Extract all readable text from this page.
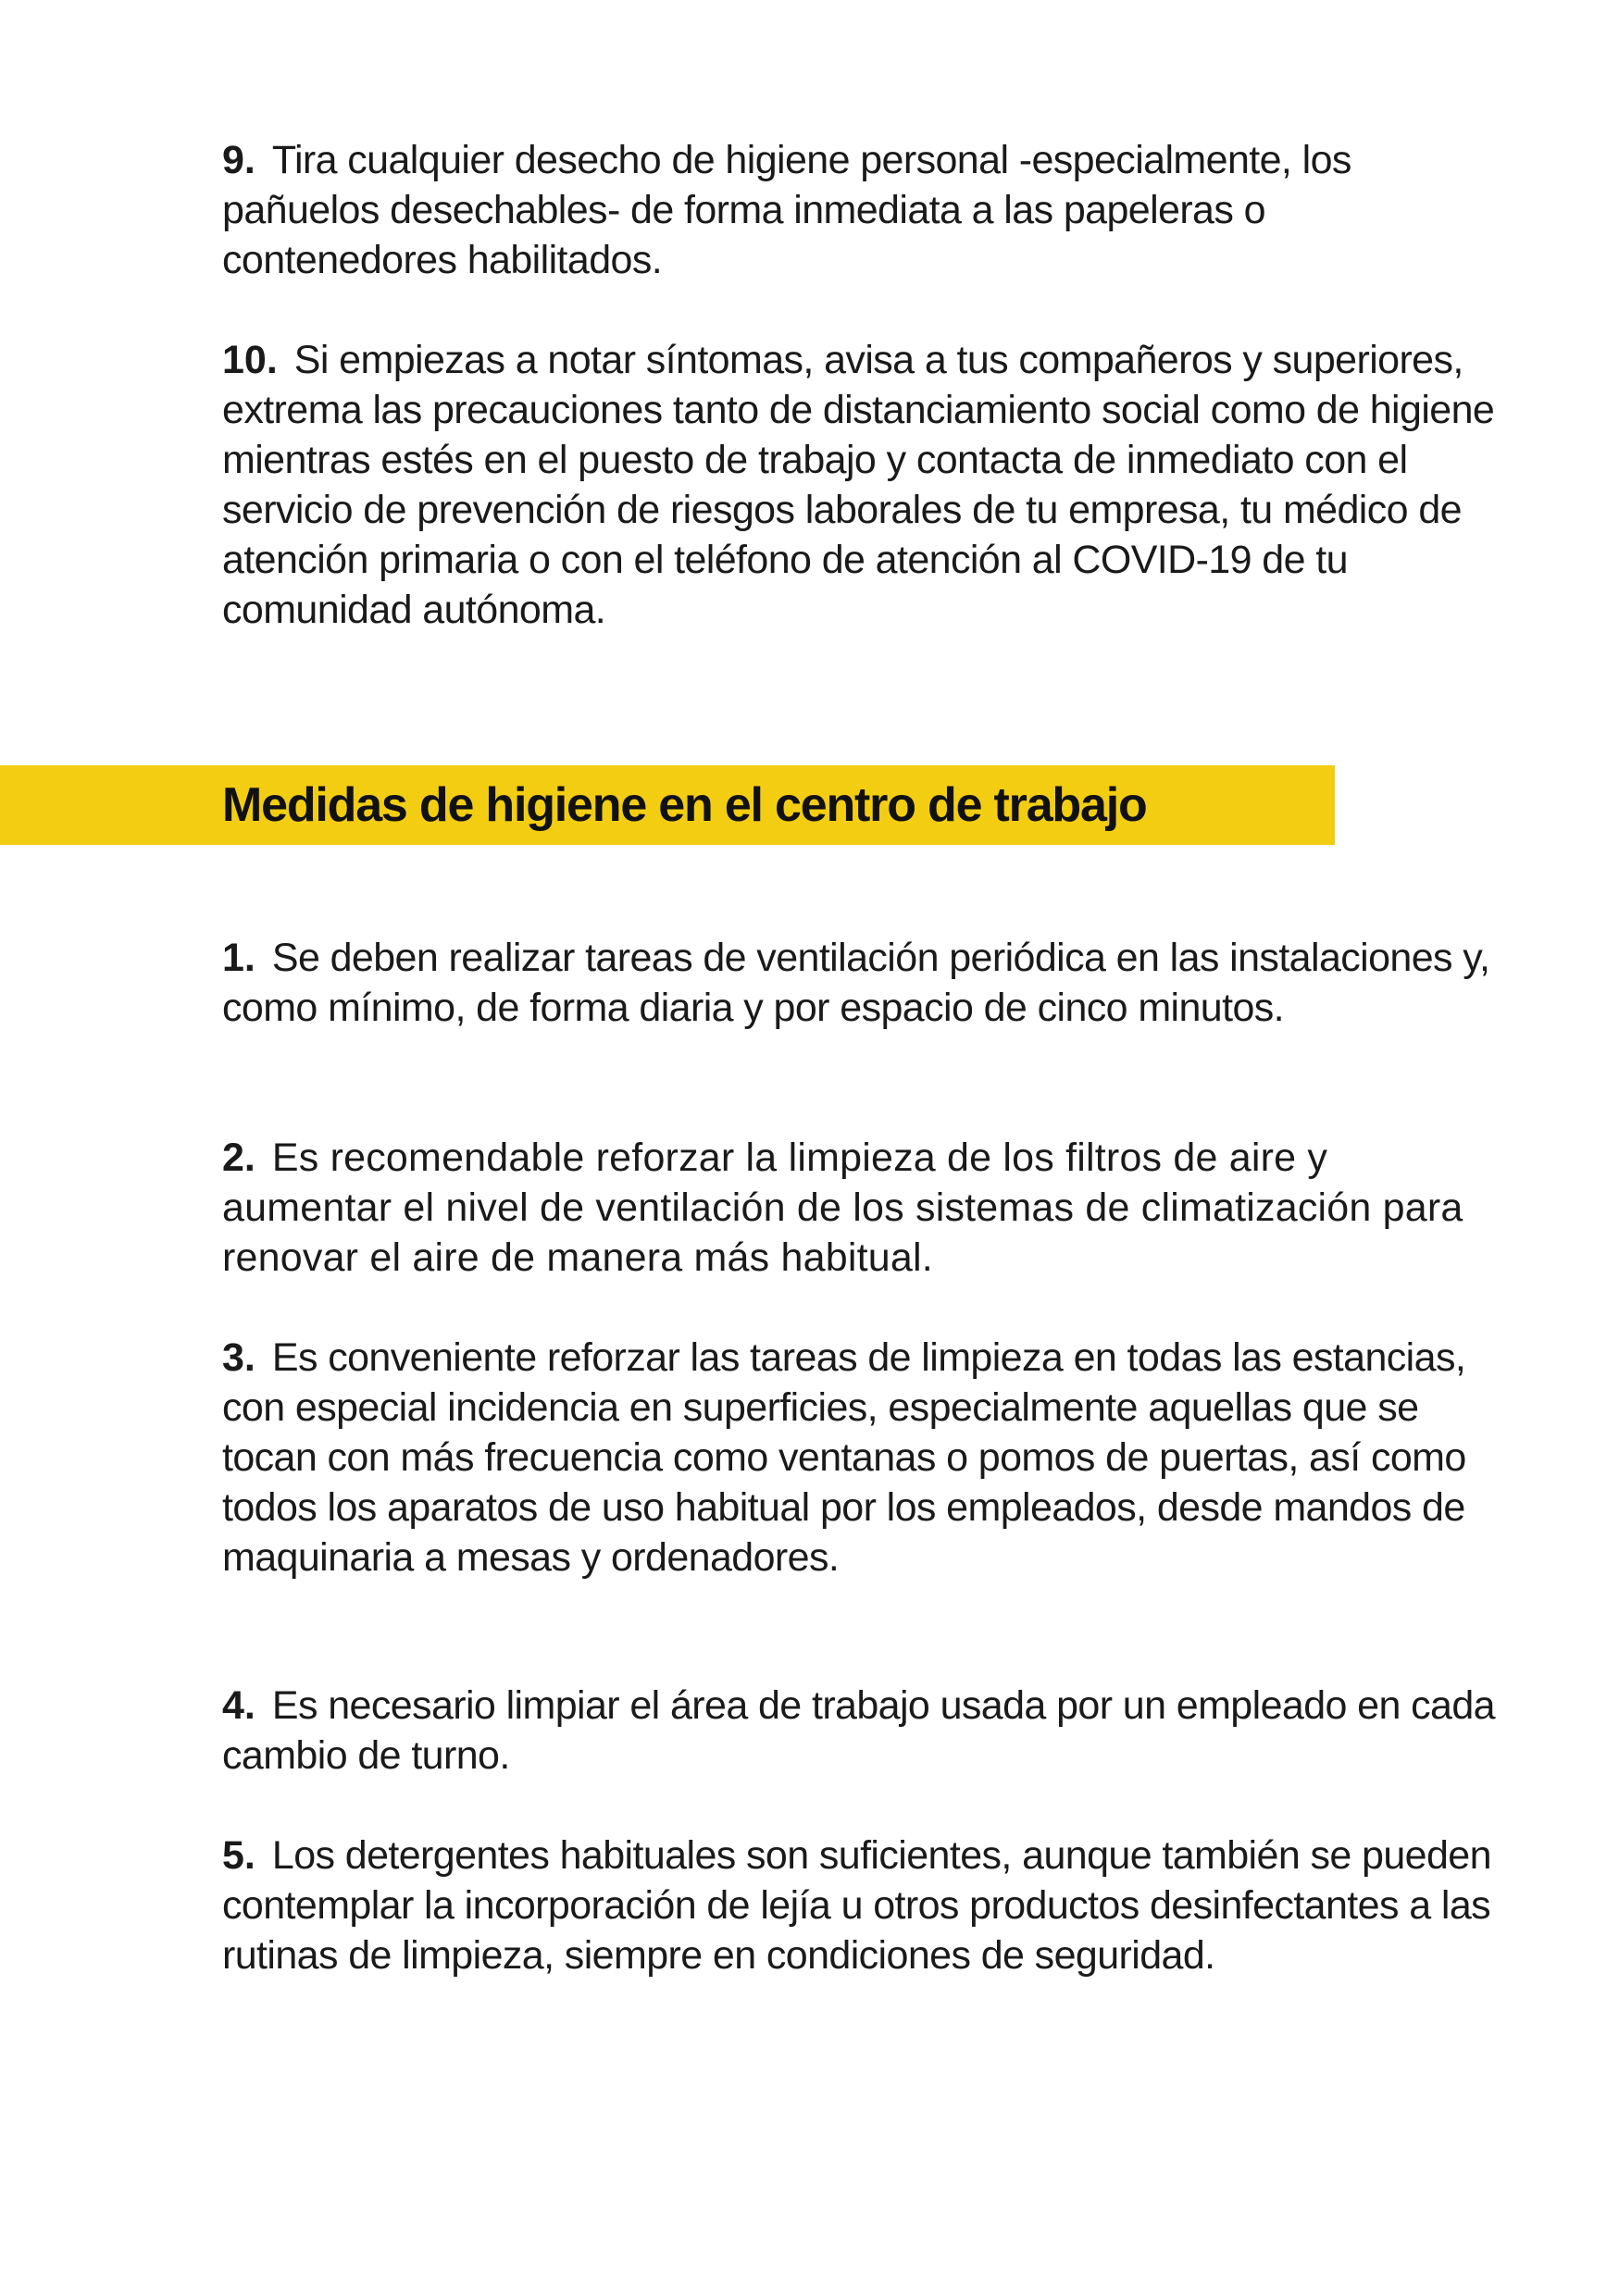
9. Tira cualquier desecho de higiene personal -especialmente, los pañuelos desechables- de forma inmediata a las papeleras o contenedores habilitados.

10. Si empiezas a notar síntomas, avisa a tus compañeros y superiores, extrema las precauciones tanto de distanciamiento social como de higiene mientras estés en el puesto de trabajo y contacta de inmediato con el servicio de prevención de riesgos laborales de tu empresa, tu médico de atención primaria o con el teléfono de atención al COVID-19 de tu comunidad autónoma.

Medidas de higiene en el centro de trabajo

1. Se deben realizar tareas de ventilación periódica en las instalaciones y, como mínimo, de forma diaria y por espacio de cinco minutos.

2. Es recomendable reforzar la limpieza de los filtros de aire y aumentar el nivel de ventilación de los sistemas de climatización para renovar el aire de manera más habitual.

3. Es conveniente reforzar las tareas de limpieza en todas las estancias, con especial incidencia en superficies, especialmente aquellas que se tocan con más frecuencia como ventanas o pomos de puertas, así como todos los aparatos de uso habitual por los empleados, desde mandos de maquinaria a mesas y ordenadores.

4. Es necesario limpiar el área de trabajo usada por un empleado en cada cambio de turno.

5. Los detergentes habituales son suficientes, aunque también se pueden contemplar la incorporación de lejía u otros productos desinfectantes a las rutinas de limpieza, siempre en condiciones de seguridad.
